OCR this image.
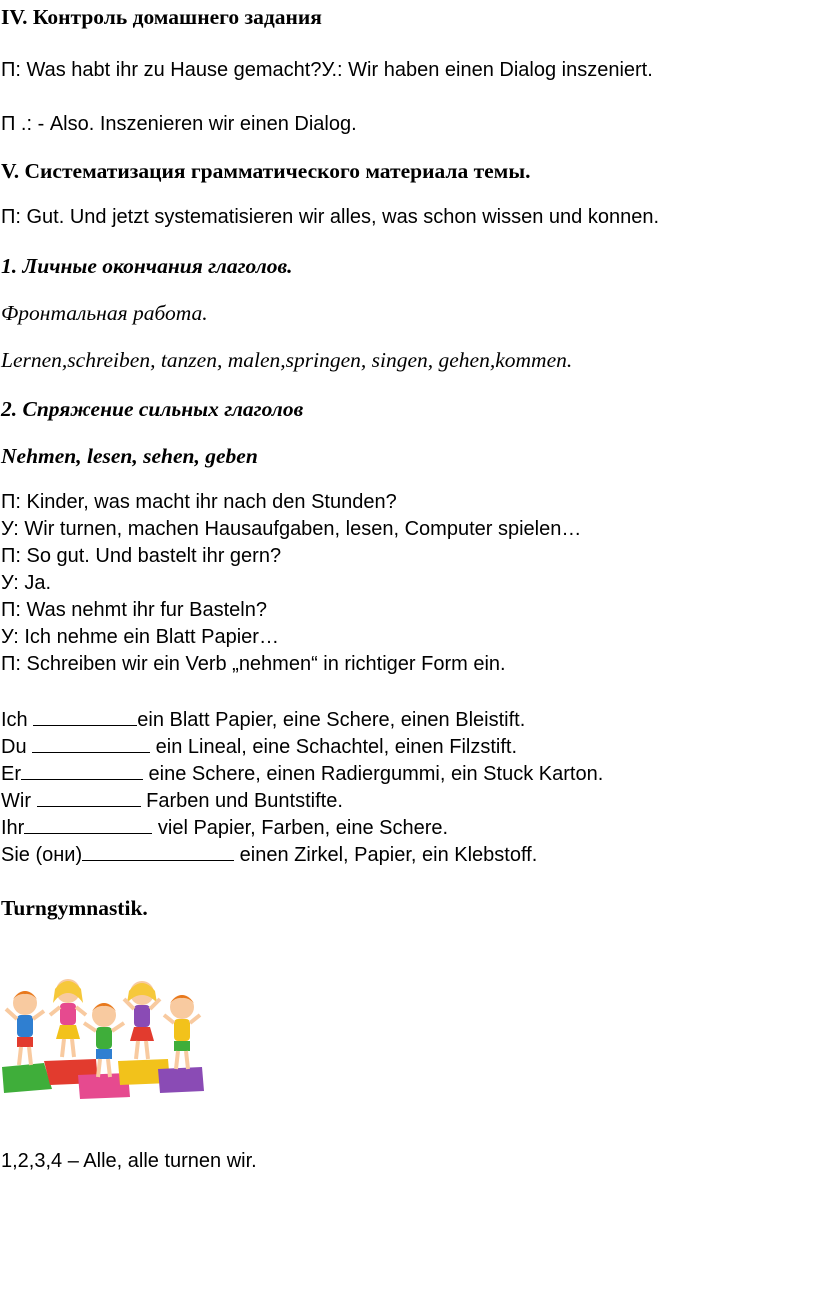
IV. Контроль домашнего задания
П: Was habt ihr zu Hause gemacht?У.: Wir haben einen Dialog inszeniert.
П .: - Also. Inszenieren wir einen Dialog.
V. Систематизация грамматического материала темы.
П: Gut. Und jetzt systematisieren wir alles, was schon wissen und konnen.
1. Личные окончания глаголов.
Фронтальная работа.
Lernen,schreiben, tanzen, malen,springen, singen, gehen,kommen.
2. Спряжение сильных глаголов
Nehmen, lesen, sehen, geben
П: Kinder, was macht ihr nach den Stunden?
У: Wir turnen, machen Hausaufgaben, lesen, Computer spielen…
П: So gut. Und bastelt ihr gern?
У: Ja.
П: Was nehmt ihr fur Basteln?
У: Ich nehme ein Blatt Papier…
П: Schreiben wir ein Verb „nehmen“ in richtiger Form ein.
Ich	ein Blatt Papier, eine Schere, einen Bleistift.
Du	ein Lineal, eine Schachtel, einen Filzstift.
Er	eine Schere, einen Radiergummi, ein Stuck Karton.
Wir	Farben und Buntstifte.
Ihr	viel Papier, Farben, eine Schere.
Sie (они)	einen Zirkel, Papier, ein Klebstoff.
Turngymnastik.
1,2,3,4 – Alle, alle turnen wir.
